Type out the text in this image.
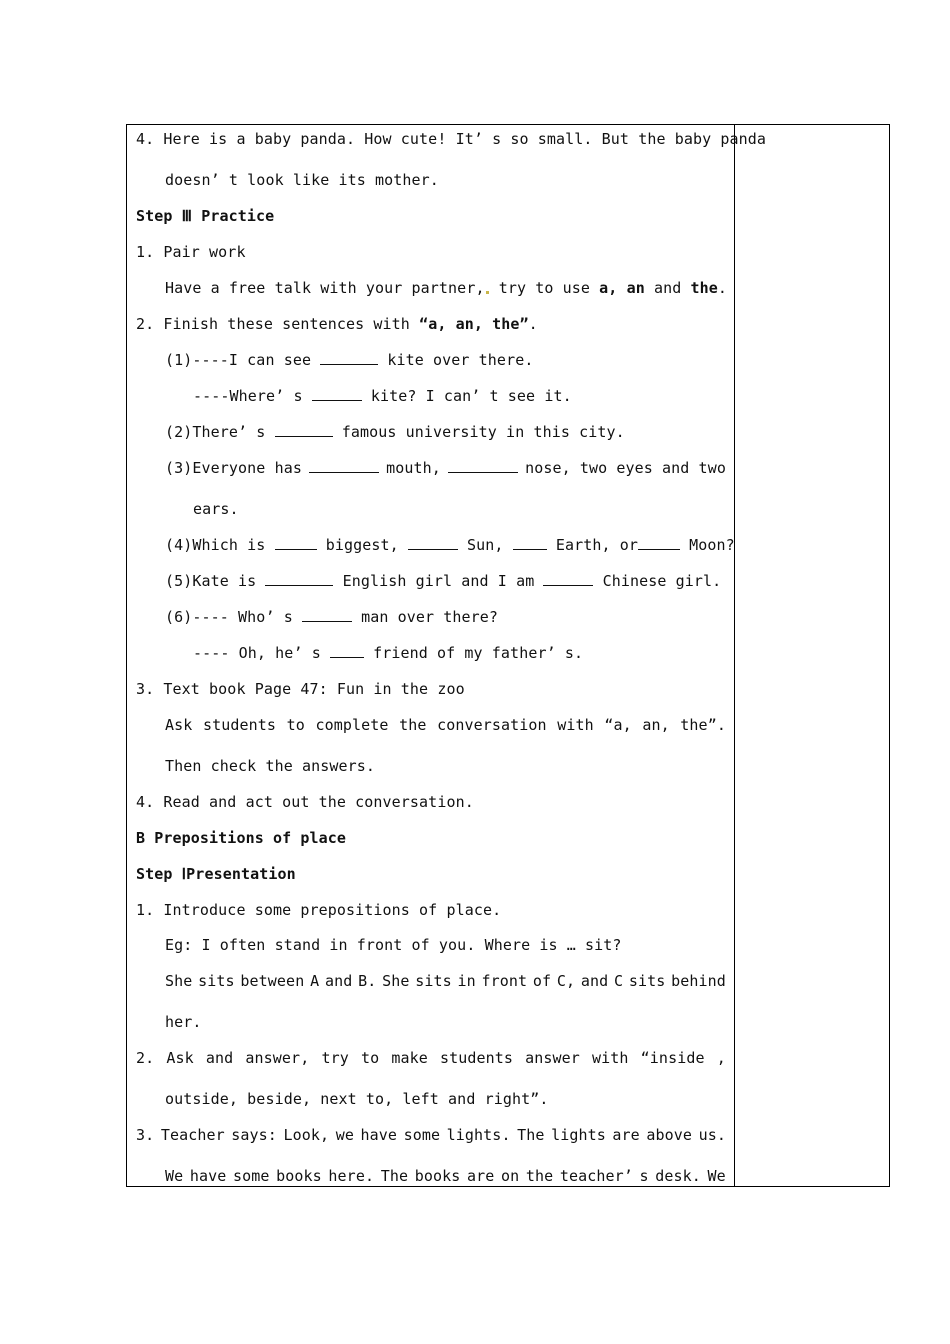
4. Here is a baby panda. How cute! It’ s so small. But the baby panda
doesn’ t look like its mother.
Step Ⅲ Practice
1. Pair work
Have a free talk with your partner, try to use a, an and the.
2. Finish these sentences with “a, an, the”.
(1)----I can see	kite over there.
----Where’ s	kite? I can’ t see it.
(2)There’ s	famous university in this city.
(3)Everyone has	mouth,	nose, two eyes and two
ears.
(4)Which is	biggest,	Sun,  Earth, or	Moon?
(5)Kate is	English girl and I am	Chinese girl.
(6)---- Who’ s	man over there?
---- Oh, he’ s  friend of my father’ s.
3. Text book Page 47: Fun in the zoo
Ask students to complete the conversation with “a, an, the”.
Then check the answers.
4. Read and act out the conversation.
B Prepositions of place
Step ⅠPresentation
1. Introduce some prepositions of place.
Eg: I often stand in front of you. Where is … sit?
She sits between A and B. She sits in front of C, and C sits behind
her.
2. Ask and answer, try to make students answer with “inside ,
outside, beside, next to, left and right”.
3. Teacher says: Look, we have some lights. The lights are above us.
We have some books here. The books are on the teacher’ s desk. We
